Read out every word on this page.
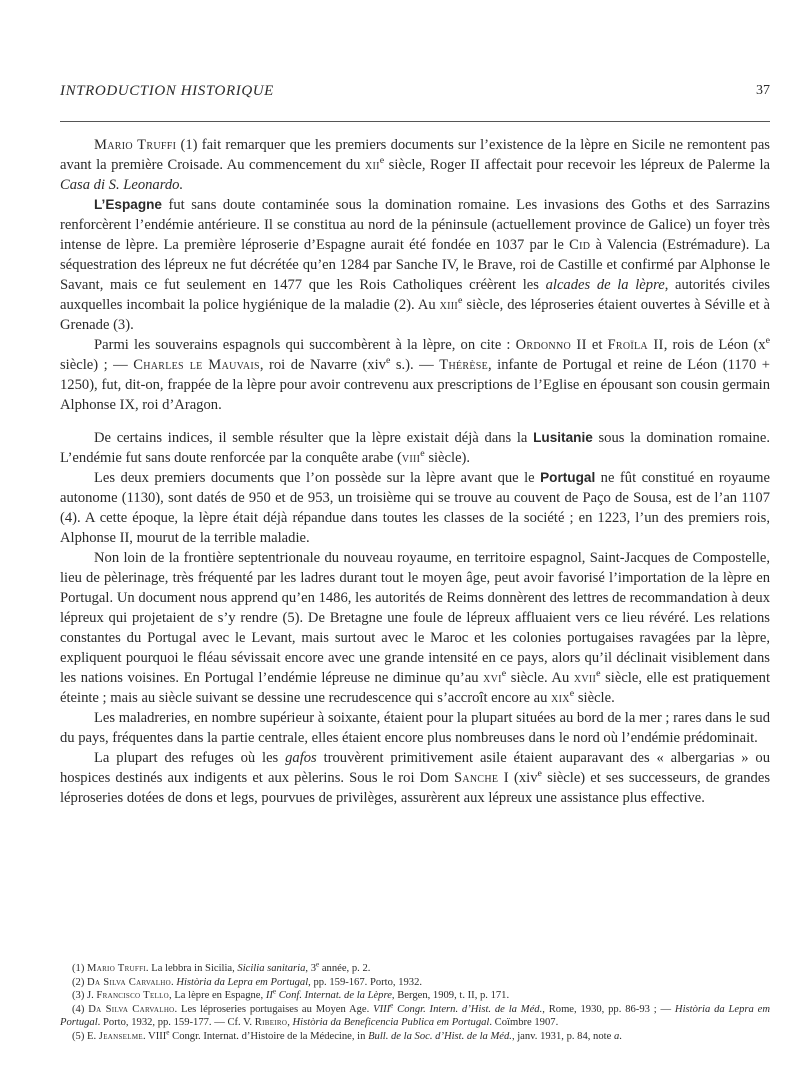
INTRODUCTION HISTORIQUE	37

Mario Truffi (1) fait remarquer que les premiers documents sur l’existence de la lèpre en Sicile ne remontent pas avant la première Croisade. Au commencement du xii$^e$ siècle, Roger II affectait pour recevoir les lépreux de Palerme la Casa di S. Leonardo.

L’Espagne fut sans doute contaminée sous la domination romaine. Les invasions des Goths et des Sarrazins renforcèrent l’endémie antérieure. Il se constitua au nord de la péninsule (actuellement province de Galice) un foyer très intense de lèpre. La première léproserie d’Espagne aurait été fondée en 1037 par le Cid à Valencia (Estrémadure). La séquestration des lépreux ne fut décrétée qu’en 1284 par Sanche IV, le Brave, roi de Castille et confirmé par Alphonse le Savant, mais ce fut seulement en 1477 que les Rois Catholiques créèrent les alcades de la lèpre, autorités civiles auxquelles incombait la police hygiénique de la maladie (2). Au xiii$^e$ siècle, des léproseries étaient ouvertes à Séville et à Grenade (3).

Parmi les souverains espagnols qui succombèrent à la lèpre, on cite : Ordonno II et Froïla II, rois de Léon ($x^e$ siècle) ; — Charles le Mauvais, roi de Navarre (xiv$^e$ s.). — Thérèse, infante de Portugal et reine de Léon (1170 + 1250), fut, dit-on, frappée de la lèpre pour avoir contrevenu aux prescriptions de l’Eglise en épousant son cousin germain Alphonse IX, roi d’Aragon.

De certains indices, il semble résulter que la lèpre existait déjà dans la Lusitanie sous la domination romaine. L’endémie fut sans doute renforcée par la conquête arabe (viii$^e$ siècle).

Les deux premiers documents que l’on possède sur la lèpre avant que le Portugal ne fût constitué en royaume autonome (1130), sont datés de 950 et de 953, un troisième qui se trouve au couvent de Paço de Sousa, est de l’an 1107 (4). A cette époque, la lèpre était déjà répandue dans toutes les classes de la société ; en 1223, l’un des premiers rois, Alphonse II, mourut de la terrible maladie.

Non loin de la frontière septentrionale du nouveau royaume, en territoire espagnol, Saint-Jacques de Compostelle, lieu de pèlerinage, très fréquenté par les ladres durant tout le moyen âge, peut avoir favorisé l’importation de la lèpre en Portugal. Un document nous apprend qu’en 1486, les autorités de Reims donnèrent des lettres de recommandation à deux lépreux qui projetaient de s’y rendre (5). De Bretagne une foule de lépreux affluaient vers ce lieu révéré. Les relations constantes du Portugal avec le Levant, mais surtout avec le Maroc et les colonies portugaises ravagées par la lèpre, expliquent pourquoi le fléau sévissait encore avec une grande intensité en ce pays, alors qu’il déclinait visiblement dans les nations voisines. En Portugal l’endémie lépreuse ne diminue qu’au xvi$^e$ siècle. Au xvii$^e$ siècle, elle est pratiquement éteinte ; mais au siècle suivant se dessine une recrudescence qui s’accroît encore au xix$^e$ siècle.

Les maladreries, en nombre supérieur à soixante, étaient pour la plupart situées au bord de la mer ; rares dans le sud du pays, fréquentes dans la partie centrale, elles étaient encore plus nombreuses dans le nord où l’endémie prédominait.

La plupart des refuges où les gafos trouvèrent primitivement asile étaient auparavant des « albergarias » ou hospices destinés aux indigents et aux pèlerins. Sous le roi Dom Sanche I (xiv$^e$ siècle) et ses successeurs, de grandes léproseries dotées de dons et legs, pourvues de privilèges, assurèrent aux lépreux une assistance plus effective.

(1) Mario Truffi. La lebbra in Sicilia, Sicilia sanitaria, 3e année, p. 2.

(2) Da Silva Carvalho. Història da Lepra em Portugal, pp. 159-167. Porto, 1932.

(3) J. Francisco Tello, La lèpre en Espagne, IIe Conf. Internat. de la Lèpre, Bergen, 1909, t. II, p. 171.

(4) Da Silva Carvalho. Les léproseries portugaises au Moyen Age. VIIIe Congr. Intern. d’Hist. de la Méd., Rome, 1930, pp. 86-93 ; — Història da Lepra em Portugal. Porto, 1932, pp. 159-177. — Cf. V. Ribeiro, Història da Beneficencia Publica em Portugal. Coïmbre 1907.

(5) E. Jeanselme. VIIIe Congr. Internat. d’Histoire de la Médecine, in Bull. de la Soc. d’Hist. de la Méd., janv. 1931, p. 84, note a.
